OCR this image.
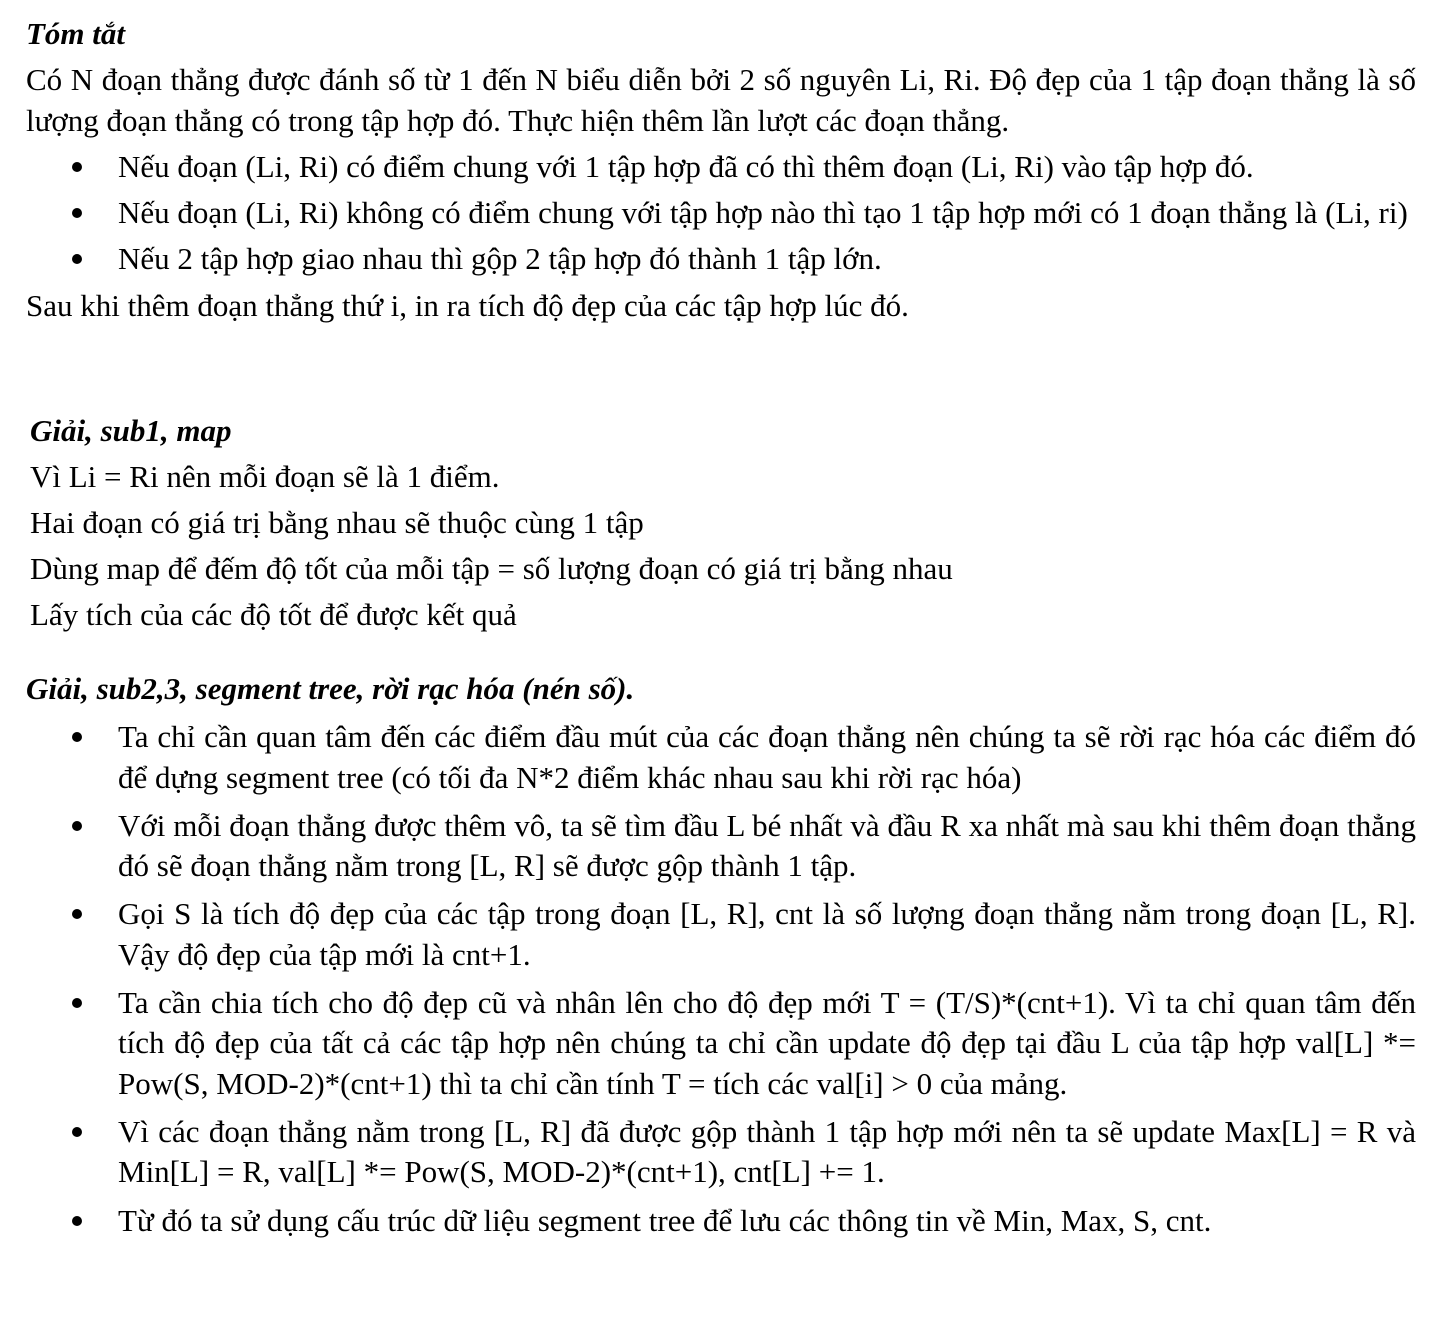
Tóm tắt

Có N đoạn thẳng được đánh số từ 1 đến N biểu diễn bởi 2 số nguyên Li, Ri. Độ đẹp của 1 tập đoạn thẳng là số lượng đoạn thẳng có trong tập hợp đó. Thực hiện thêm lần lượt các đoạn thẳng.

Nếu đoạn (Li, Ri) có điểm chung với 1 tập hợp đã có thì thêm đoạn (Li, Ri) vào tập hợp đó.
Nếu đoạn (Li, Ri) không có điểm chung với tập hợp nào thì tạo 1 tập hợp mới có 1 đoạn thẳng là (Li, ri)
Nếu 2 tập hợp giao nhau thì gộp 2 tập hợp đó thành 1 tập lớn.

Sau khi thêm đoạn thẳng thứ i, in ra tích độ đẹp của các tập hợp lúc đó.

Giải, sub1, map

Vì Li = Ri nên mỗi đoạn sẽ là 1 điểm.

Hai đoạn có giá trị bằng nhau sẽ thuộc cùng 1 tập

Dùng map để đếm độ tốt của mỗi tập = số lượng đoạn có giá trị bằng nhau

Lấy tích của các độ tốt để được kết quả

Giải, sub2,3, segment tree, rời rạc hóa (nén số).

Ta chỉ cần quan tâm đến các điểm đầu mút của các đoạn thẳng nên chúng ta sẽ rời rạc hóa các điểm đó để dựng segment tree (có tối đa N*2 điểm khác nhau sau khi rời rạc hóa)
Với mỗi đoạn thẳng được thêm vô, ta sẽ tìm đầu L bé nhất và đầu R xa nhất mà sau khi thêm đoạn thẳng đó sẽ đoạn thẳng nằm trong [L, R] sẽ được gộp thành 1 tập.
Gọi S là tích độ đẹp của các tập trong đoạn [L, R], cnt là số lượng đoạn thẳng nằm trong đoạn [L, R]. Vậy độ đẹp của tập mới là cnt+1.
Ta cần chia tích cho độ đẹp cũ và nhân lên cho độ đẹp mới T = (T/S)*(cnt+1). Vì ta chỉ quan tâm đến tích độ đẹp của tất cả các tập hợp nên chúng ta chỉ cần update độ đẹp tại đầu L của tập hợp val[L] *= Pow(S, MOD-2)*(cnt+1) thì ta chỉ cần tính T = tích các val[i] > 0 của mảng.
Vì các đoạn thẳng nằm trong [L, R] đã được gộp thành 1 tập hợp mới nên ta sẽ update Max[L] = R và Min[L] = R, val[L] *= Pow(S, MOD-2)*(cnt+1), cnt[L] += 1.
Từ đó ta sử dụng cấu trúc dữ liệu segment tree để lưu các thông tin về Min, Max, S, cnt.
